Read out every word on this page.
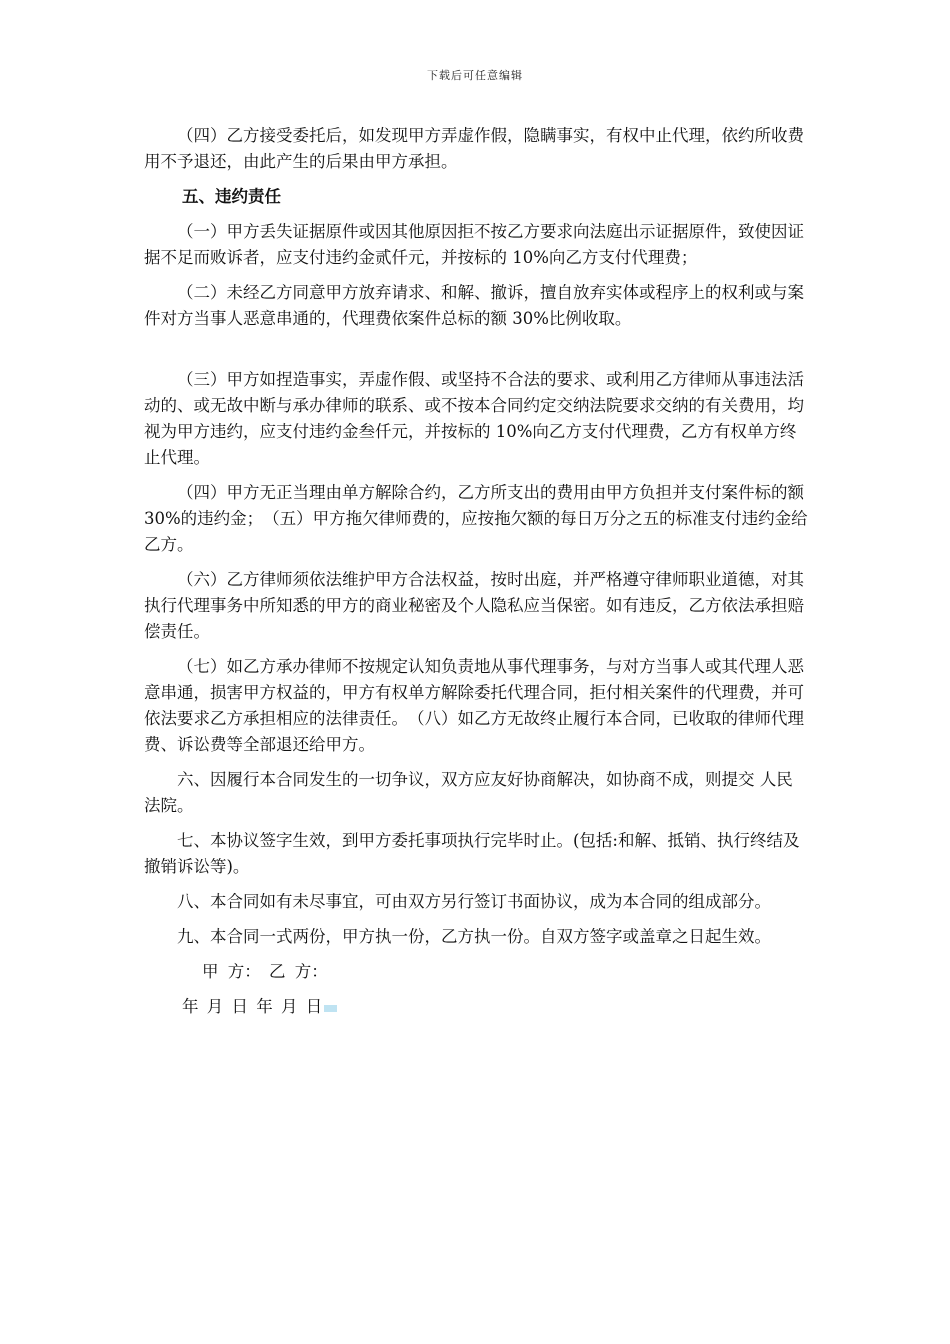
下载后可任意编辑

（四）乙方接受委托后，如发现甲方弄虚作假，隐瞒事实，有权中止代理，依约所收费用不予退还，由此产生的后果由甲方承担。

五、违约责任

（一）甲方丢失证据原件或因其他原因拒不按乙方要求向法庭出示证据原件，致使因证据不足而败诉者，应支付违约金贰仟元，并按标的 10%向乙方支付代理费；

（二）未经乙方同意甲方放弃请求、和解、撤诉，擅自放弃实体或程序上的权利或与案件对方当事人恶意串通的，代理费依案件总标的额 30%比例收取。

（三）甲方如捏造事实，弄虚作假、或坚持不合法的要求、或利用乙方律师从事违法活动的、或无故中断与承办律师的联系、或不按本合同约定交纳法院要求交纳的有关费用，均视为甲方违约，应支付违约金叁仟元，并按标的 10%向乙方支付代理费，乙方有权单方终止代理。

（四）甲方无正当理由单方解除合约，乙方所支出的费用由甲方负担并支付案件标的额 30%的违约金；　（五）甲方拖欠律师费的，应按拖欠额的每日万分之五的标准支付违约金给乙方。

（六）乙方律师须依法维护甲方合法权益，按时出庭，并严格遵守律师职业道德，对其执行代理事务中所知悉的甲方的商业秘密及个人隐私应当保密。如有违反，乙方依法承担赔偿责任。

（七）如乙方承办律师不按规定认知负责地从事代理事务，与对方当事人或其代理人恶意串通，损害甲方权益的，甲方有权单方解除委托代理合同，拒付相关案件的代理费，并可依法要求乙方承担相应的法律责任。　（八）如乙方无故终止履行本合同，已收取的律师代理费、诉讼费等全部退还给甲方。

六、因履行本合同发生的一切争议，双方应友好协商解决，如协商不成，则提交 人民法院。

七、本协议签字生效，到甲方委托事项执行完毕时止。(包括:和解、抵销、执行终结及撤销诉讼等)。

八、本合同如有未尽事宜，可由双方另行签订书面协议，成为本合同的组成部分。

九、本合同一式两份，甲方执一份，乙方执一份。自双方签字或盖章之日起生效。

甲 方：　乙 方：

年 月 日 年 月 日
